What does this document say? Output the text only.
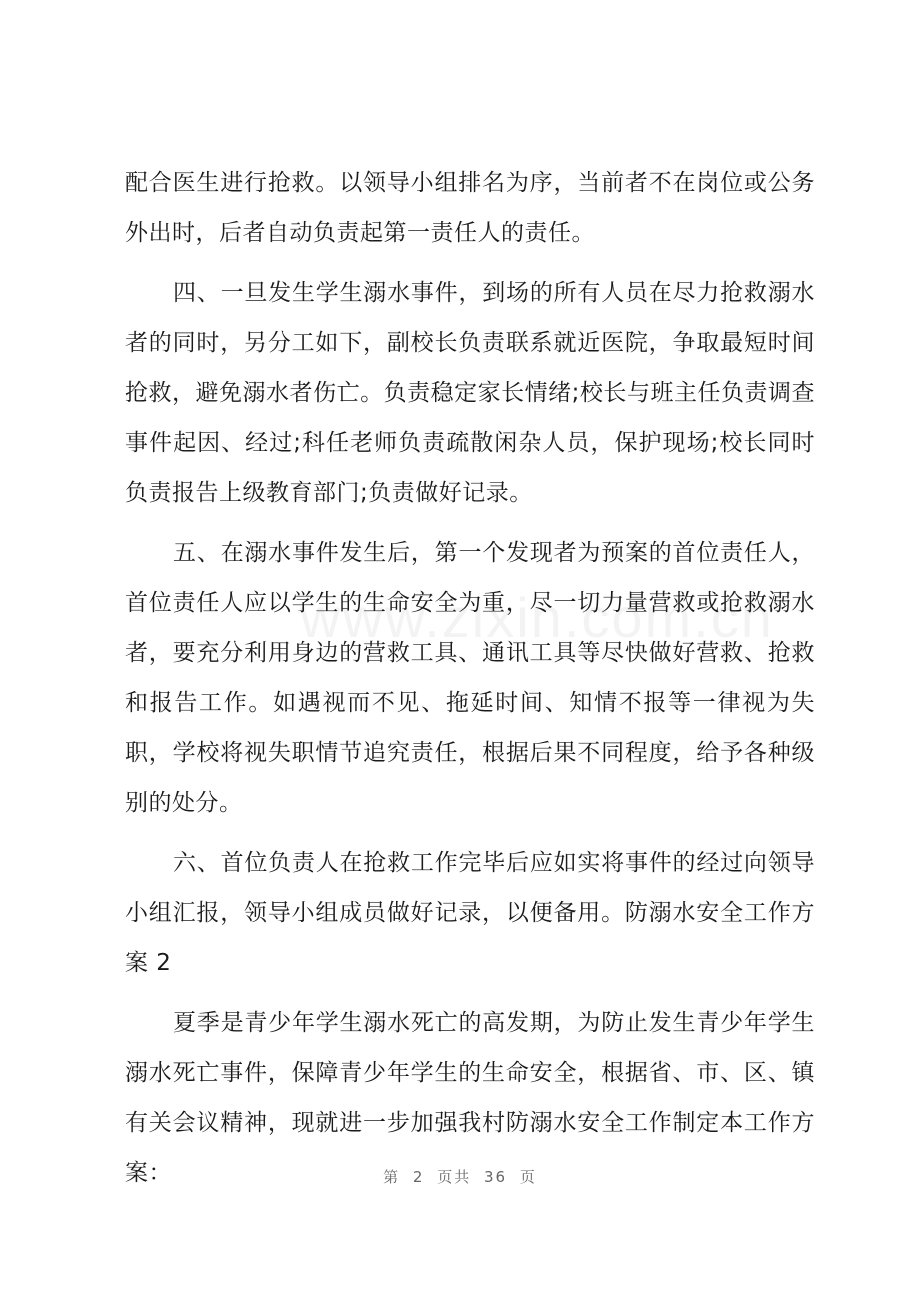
配合医生进行抢救。以领导小组排名为序，当前者不在岗位或公务外出时，后者自动负责起第一责任人的责任。

四、一旦发生学生溺水事件，到场的所有人员在尽力抢救溺水者的同时，另分工如下，副校长负责联系就近医院，争取最短时间抢救，避免溺水者伤亡。负责稳定家长情绪;校长与班主任负责调查事件起因、经过;科任老师负责疏散闲杂人员，保护现场;校长同时负责报告上级教育部门;负责做好记录。

五、在溺水事件发生后，第一个发现者为预案的首位责任人，首位责任人应以学生的生命安全为重，尽一切力量营救或抢救溺水者，要充分利用身边的营救工具、通讯工具等尽快做好营救、抢救和报告工作。如遇视而不见、拖延时间、知情不报等一律视为失职，学校将视失职情节追究责任，根据后果不同程度，给予各种级别的处分。

六、首位负责人在抢救工作完毕后应如实将事件的经过向领导小组汇报，领导小组成员做好记录，以便备用。防溺水安全工作方案 2

夏季是青少年学生溺水死亡的高发期，为防止发生青少年学生溺水死亡事件，保障青少年学生的生命安全，根据省、市、区、镇有关会议精神，现就进一步加强我村防溺水安全工作制定本工作方案：	第 2 页共 36 页
